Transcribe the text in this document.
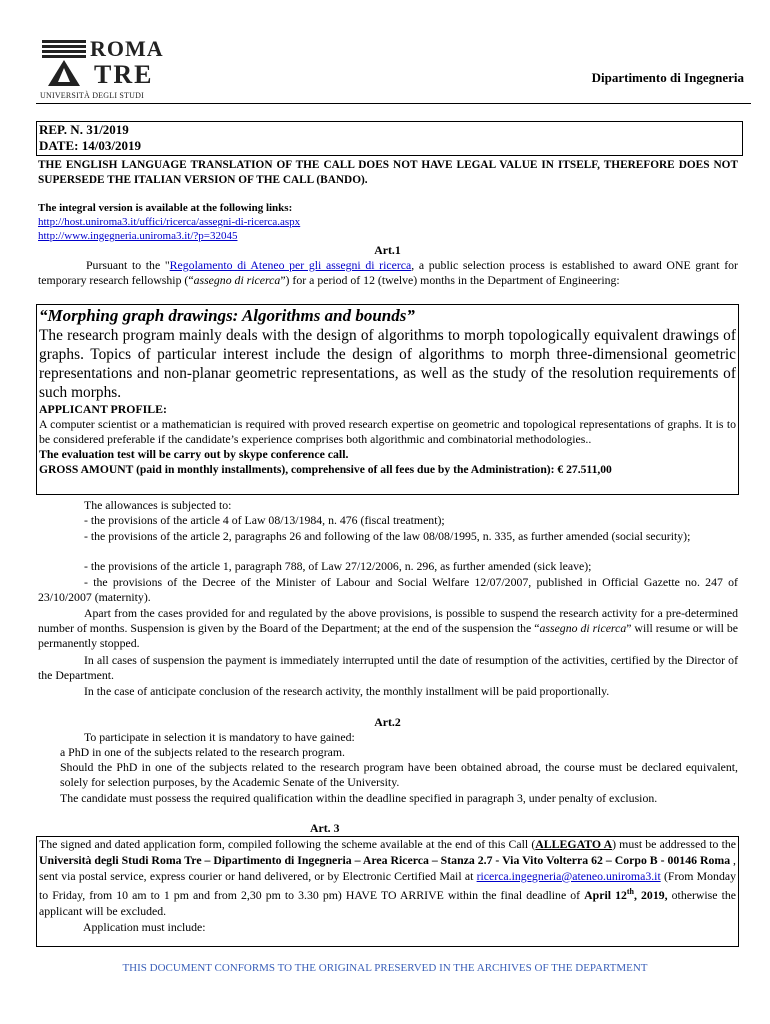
ROMA
TRE
UNIVERSITÀ DEGLI STUDI
Dipartimento di Ingegneria
REP. N. 31/2019
DATE: 14/03/2019
THE ENGLISH LANGUAGE TRANSLATION OF THE CALL DOES NOT HAVE LEGAL VALUE IN ITSELF, THEREFORE DOES NOT SUPERSEDE THE ITALIAN VERSION OF THE CALL (BANDO).
The integral version is available at the following links:
http://host.uniroma3.it/uffici/ricerca/assegni-di-ricerca.aspx
http://www.ingegneria.uniroma3.it/?p=32045
Art.1
Pursuant to the "Regolamento di Ateneo per gli assegni di ricerca, a public selection process is established to award ONE grant for temporary research fellowship (“assegno di ricerca”) for a period of 12 (twelve) months in the Department of Engineering:
“Morphing graph drawings: Algorithms and bounds”
The research program mainly deals with the design of algorithms to morph topologically equivalent drawings of graphs. Topics of particular interest include the design of algorithms to morph three-dimensional geometric representations and non-planar geometric representations, as well as the study of the resolution requirements of such morphs.
APPLICANT PROFILE:
A computer scientist or a mathematician is required with proved research expertise on geometric and topological representations of graphs. It is to be considered preferable if the candidate’s experience comprises both algorithmic and combinatorial methodologies..
The evaluation test will be carry out by skype conference call.
GROSS AMOUNT (paid in monthly installments), comprehensive of all fees due by the Administration): € 27.511,00
The allowances is subjected to:
- the provisions of the article 4 of Law 08/13/1984, n. 476 (fiscal treatment);
- the provisions of the article 2, paragraphs 26 and following of the law 08/08/1995, n. 335, as further amended (social security);
- the provisions of the article 1, paragraph 788, of Law 27/12/2006, n. 296, as further amended (sick leave);
- the provisions of the Decree of the Minister of Labour and Social Welfare 12/07/2007, published in Official Gazette no. 247 of 23/10/2007 (maternity).
Apart from the cases provided for and regulated by the above provisions, is possible to suspend the research activity for a pre-determined number of months. Suspension is given by the Board of the Department; at the end of the suspension the “assegno di ricerca” will resume or will be permanently stopped.
In all cases of suspension the payment is immediately interrupted until the date of resumption of the activities, certified by the Director of the Department.
In the case of anticipate conclusion of the research activity, the monthly installment will be paid proportionally.
Art.2
To participate in selection it is mandatory to have gained:
a PhD in one of the subjects related to the research program.
Should the PhD in one of the subjects related to the research program have been obtained abroad, the course must be declared equivalent, solely for selection purposes, by the Academic Senate of the University.
The candidate must possess the required qualification within the deadline specified in paragraph 3, under penalty of exclusion.
Art. 3
The signed and dated application form, compiled following the scheme available at the end of this Call (ALLEGATO A) must be addressed to the Università degli Studi Roma Tre – Dipartimento di Ingegneria – Area Ricerca – Stanza 2.7 - Via Vito Volterra 62 – Corpo B - 00146 Roma , sent via postal service, express courier or hand delivered, or by Electronic Certified Mail at ricerca.ingegneria@ateneo.uniroma3.it (From Monday to Friday, from 10 am to 1 pm and from 2,30 pm to 3.30 pm) HAVE TO ARRIVE within the final deadline of April 12th, 2019, otherwise the applicant will be excluded.
Application must include:
THIS DOCUMENT CONFORMS TO THE ORIGINAL PRESERVED IN THE ARCHIVES OF THE DEPARTMENT
